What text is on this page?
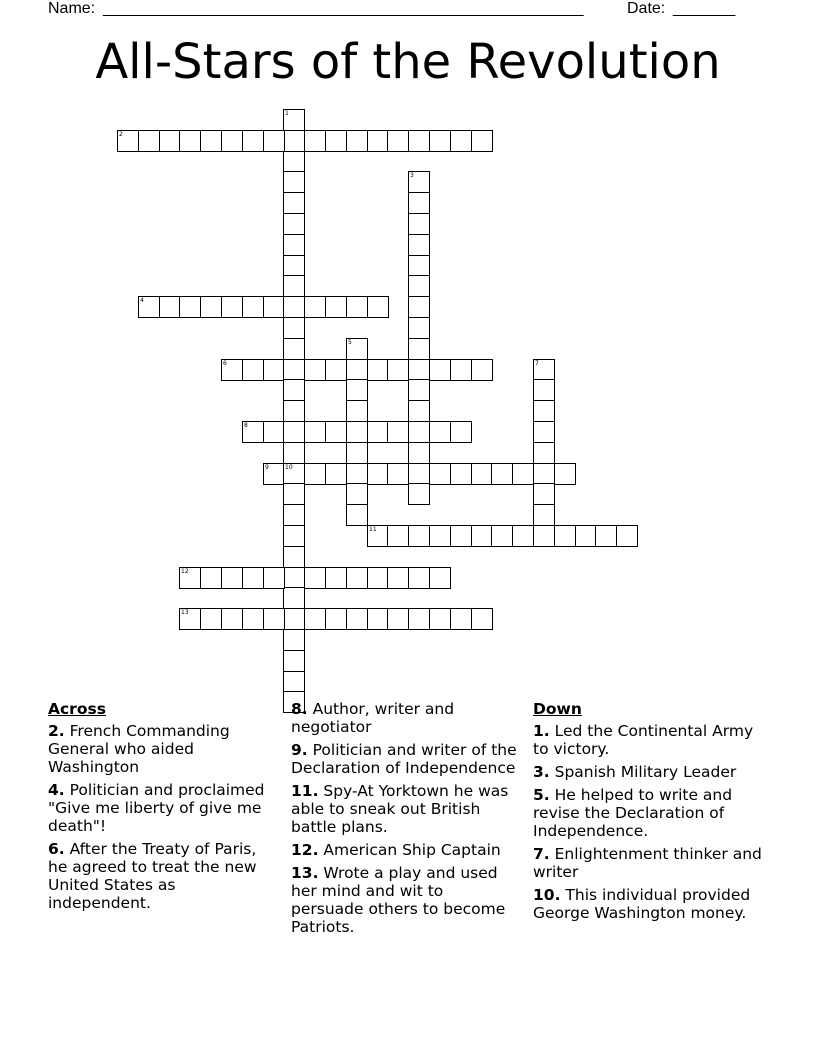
Name: ______________________________________________________	Date: _______
All-Stars of the Revolution
1
2
3
4
5
6	7
8
9	10
11
12
13
Across
2. French Commanding General who aided Washington
4. Politician and proclaimed "Give me liberty of give me death"!
6. After the Treaty of Paris, he agreed to treat the new United States as independent.
8. Author, writer and negotiator
9. Politician and writer of the Declaration of Independence
11. Spy-At Yorktown he was able to sneak out British battle plans.
12. American Ship Captain
13. Wrote a play and used her mind and wit to persuade others to become Patriots.
Down
1. Led the Continental Army to victory.
3. Spanish Military Leader
5. He helped to write and revise the Declaration of Independence.
7. Enlightenment thinker and writer
10. This individual provided George Washington money.
